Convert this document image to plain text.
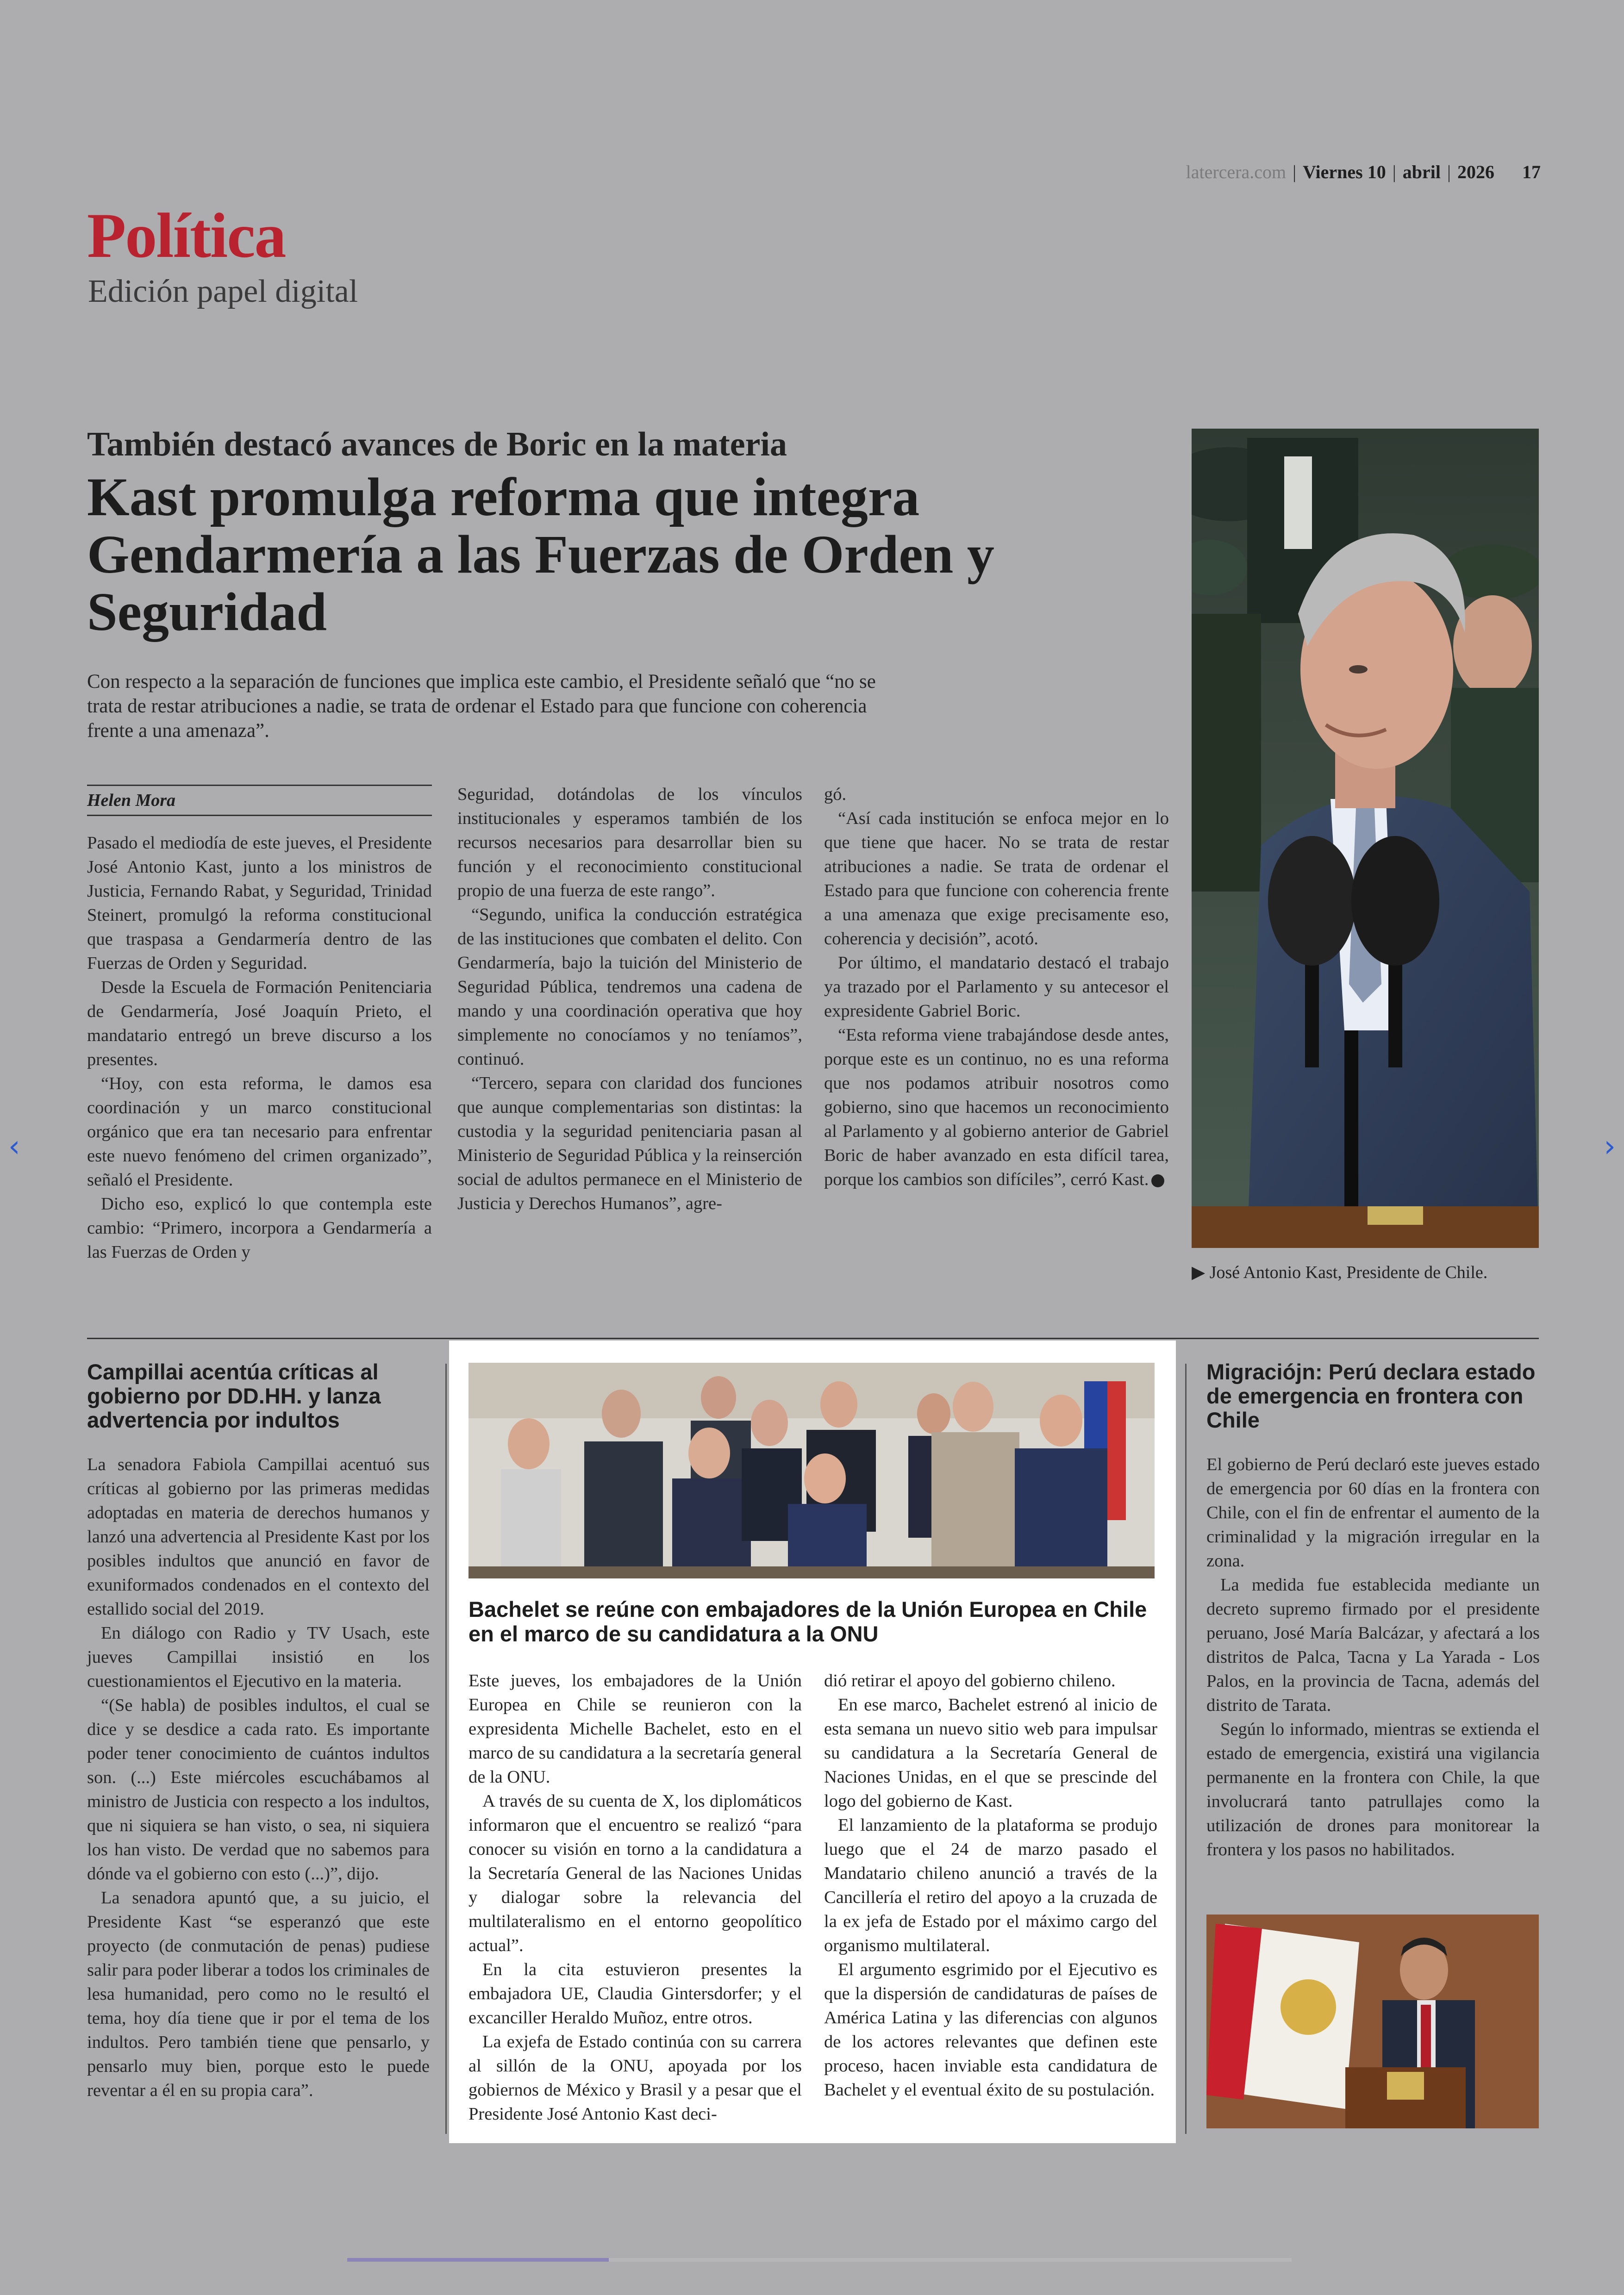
latercera.com | Viernes 10 | abril | 2026 17
Política
Edición papel digital
También destacó avances de Boric en la materia
Kast promulga reforma que integra Gendarmería a las Fuerzas de Orden y Seguridad
Con respecto a la separación de funciones que implica este cambio, el Presidente señaló que “no se trata de restar atribuciones a nadie, se trata de ordenar el Estado para que funcione con coherencia frente a una amenaza”.
Helen Mora

Pasado el mediodía de este jueves, el Presidente José Antonio Kast, junto a los ministros de Justicia, Fernando Rabat, y Seguridad, Trinidad Steinert, promulgó la reforma constitucional que traspasa a Gendarmería dentro de las Fuerzas de Orden y Seguridad.

Desde la Escuela de Formación Penitenciaria de Gendarmería, José Joaquín Prieto, el mandatario entregó un breve discurso a los presentes.

“Hoy, con esta reforma, le damos esa coordinación y un marco constitucional orgánico que era tan necesario para enfrentar este nuevo fenómeno del crimen organizado”, señaló el Presidente.

Dicho eso, explicó lo que contempla este cambio: “Primero, incorpora a Gendarmería a las Fuerzas de Orden y

Seguridad, dotándolas de los vínculos institucionales y esperamos también de los recursos necesarios para desarrollar bien su función y el reconocimiento constitucional propio de una fuerza de este rango”.

“Segundo, unifica la conducción estratégica de las instituciones que combaten el delito. Con Gendarmería, bajo la tuición del Ministerio de Seguridad Pública, tendremos una cadena de mando y una coordinación operativa que hoy simplemente no conocíamos y no teníamos”, continuó.

“Tercero, separa con claridad dos funciones que aunque complementarias son distintas: la custodia y la seguridad penitenciaria pasan al Ministerio de Seguridad Pública y la reinserción social de adultos permanece en el Ministerio de Justicia y Derechos Humanos”, agre-

gó.

“Así cada institución se enfoca mejor en lo que tiene que hacer. No se trata de restar atribuciones a nadie. Se trata de ordenar el Estado para que funcione con coherencia frente a una amenaza que exige precisamente eso, coherencia y decisión”, acotó.

Por último, el mandatario destacó el trabajo ya trazado por el Parlamento y su antecesor el expresidente Gabriel Boric.

“Esta reforma viene trabajándose desde antes, porque este es un continuo, no es una reforma que nos podamos atribuir nosotros como gobierno, sino que hacemos un reconocimiento al Parlamento y al gobierno anterior de Gabriel Boric de haber avanzado en esta difícil tarea, porque los cambios son difíciles”, cerró Kast.

▶ José Antonio Kast, Presidente de Chile.
Campillai acentúa críticas al gobierno por DD.HH. y lanza advertencia por indultos

La senadora Fabiola Campillai acentuó sus críticas al gobierno por las primeras medidas adoptadas en materia de derechos humanos y lanzó una advertencia al Presidente Kast por los posibles indultos que anunció en favor de exuniformados condenados en el contexto del estallido social del 2019.

En diálogo con Radio y TV Usach, este jueves Campillai insistió en los cuestionamientos el Ejecutivo en la materia.

“(Se habla) de posibles indultos, el cual se dice y se desdice a cada rato. Es importante poder tener conocimiento de cuántos indultos son. (...) Este miércoles escuchábamos al ministro de Justicia con respecto a los indultos, que ni siquiera se han visto, o sea, ni siquiera los han visto. De verdad que no sabemos para dónde va el gobierno con esto (...)”, dijo.

La senadora apuntó que, a su juicio, el Presidente Kast “se esperanzó que este proyecto (de conmutación de penas) pudiese salir para poder liberar a todos los criminales de lesa humanidad, pero como no le resultó el tema, hoy día tiene que ir por el tema de los indultos. Pero también tiene que pensarlo, y pensarlo muy bien, porque esto le puede reventar a él en su propia cara”.

Bachelet se reúne con embajadores de la Unión Europea en Chile en el marco de su candidatura a la ONU

Este jueves, los embajadores de la Unión Europea en Chile se reunieron con la expresidenta Michelle Bachelet, esto en el marco de su candidatura a la secretaría general de la ONU.

A través de su cuenta de X, los diplomáticos informaron que el encuentro se realizó “para conocer su visión en torno a la candidatura a la Secretaría General de las Naciones Unidas y dialogar sobre la relevancia del multilateralismo en el entorno geopolítico actual”.

En la cita estuvieron presentes la embajadora UE, Claudia Gintersdorfer; y el excanciller Heraldo Muñoz, entre otros.

La exjefa de Estado continúa con su carrera al sillón de la ONU, apoyada por los gobiernos de México y Brasil y a pesar que el Presidente José Antonio Kast deci-

dió retirar el apoyo del gobierno chileno.

En ese marco, Bachelet estrenó al inicio de esta semana un nuevo sitio web para impulsar su candidatura a la Secretaría General de Naciones Unidas, en el que se prescinde del logo del gobierno de Kast.

El lanzamiento de la plataforma se produjo luego que el 24 de marzo pasado el Mandatario chileno anunció a través de la Cancillería el retiro del apoyo a la cruzada de la ex jefa de Estado por el máximo cargo del organismo multilateral.

El argumento esgrimido por el Ejecutivo es que la dispersión de candidaturas de países de América Latina y las diferencias con algunos de los actores relevantes que definen este proceso, hacen inviable esta candidatura de Bachelet y el eventual éxito de su postulación.

Migraciójn: Perú declara estado de emergencia en frontera con Chile

El gobierno de Perú declaró este jueves estado de emergencia por 60 días en la frontera con Chile, con el fin de enfrentar el aumento de la criminalidad y la migración irregular en la zona.

La medida fue establecida mediante un decreto supremo firmado por el presidente peruano, José María Balcázar, y afectará a los distritos de Palca, Tacna y La Yarada - Los Palos, en la provincia de Tacna, además del distrito de Tarata.

Según lo informado, mientras se extienda el estado de emergencia, existirá una vigilancia permanente en la frontera con Chile, la que involucrará tanto patrullajes como la utilización de drones para monitorear la frontera y los pasos no habilitados.

‹	›
